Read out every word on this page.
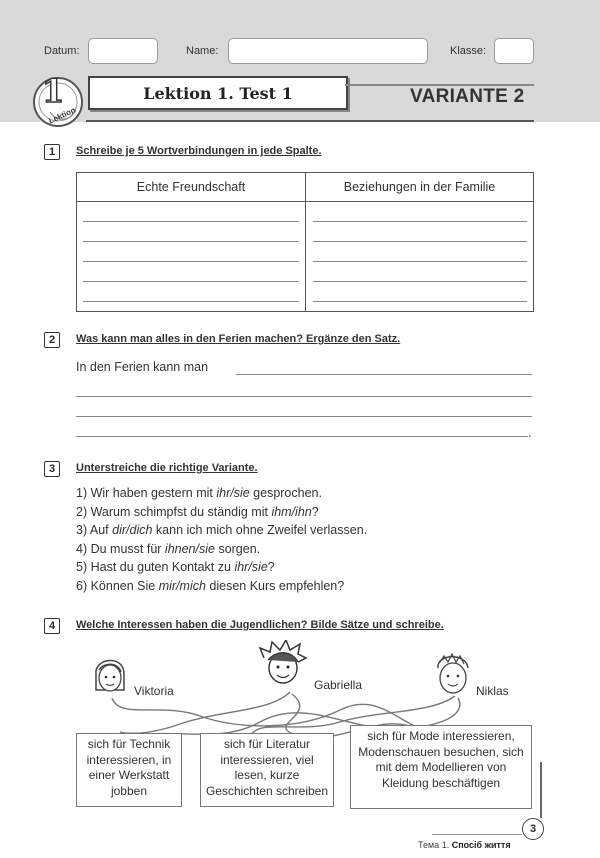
Datum:	Name:	Klasse:
1
Lektion
Lektion 1. Test 1	VARIANTE 2
1	Schreibe je 5 Wortverbindungen in jede Spalte.
Echte Freundschaft	Beziehungen in der Familie
2	Was kann man alles in den Ferien machen? Ergänze den Satz.
In den Ferien kann man
.
3	Unterstreiche die richtige Variante.
1) Wir haben gestern mit ihr/sie gesprochen.
2) Warum schimpfst du ständig mit ihm/ihn?
3) Auf dir/dich kann ich mich ohne Zweifel verlassen.
4) Du musst für ihnen/sie sorgen.
5) Hast du guten Kontakt zu ihr/sie?
6) Können Sie mir/mich diesen Kurs empfehlen?
4	Welche Interessen haben die Jugendlichen? Bilde Sätze und schreibe.
Viktoria	Gabriella	Niklas
sich für Technik interessieren, in einer Werkstatt jobben
sich für Literatur interessieren, viel lesen, kurze Geschichten schreiben
sich für Mode interessieren, Modenschauen besuchen, sich mit dem Modellieren von Kleidung beschäftigen
Тема 1. Спосіб життя
3
